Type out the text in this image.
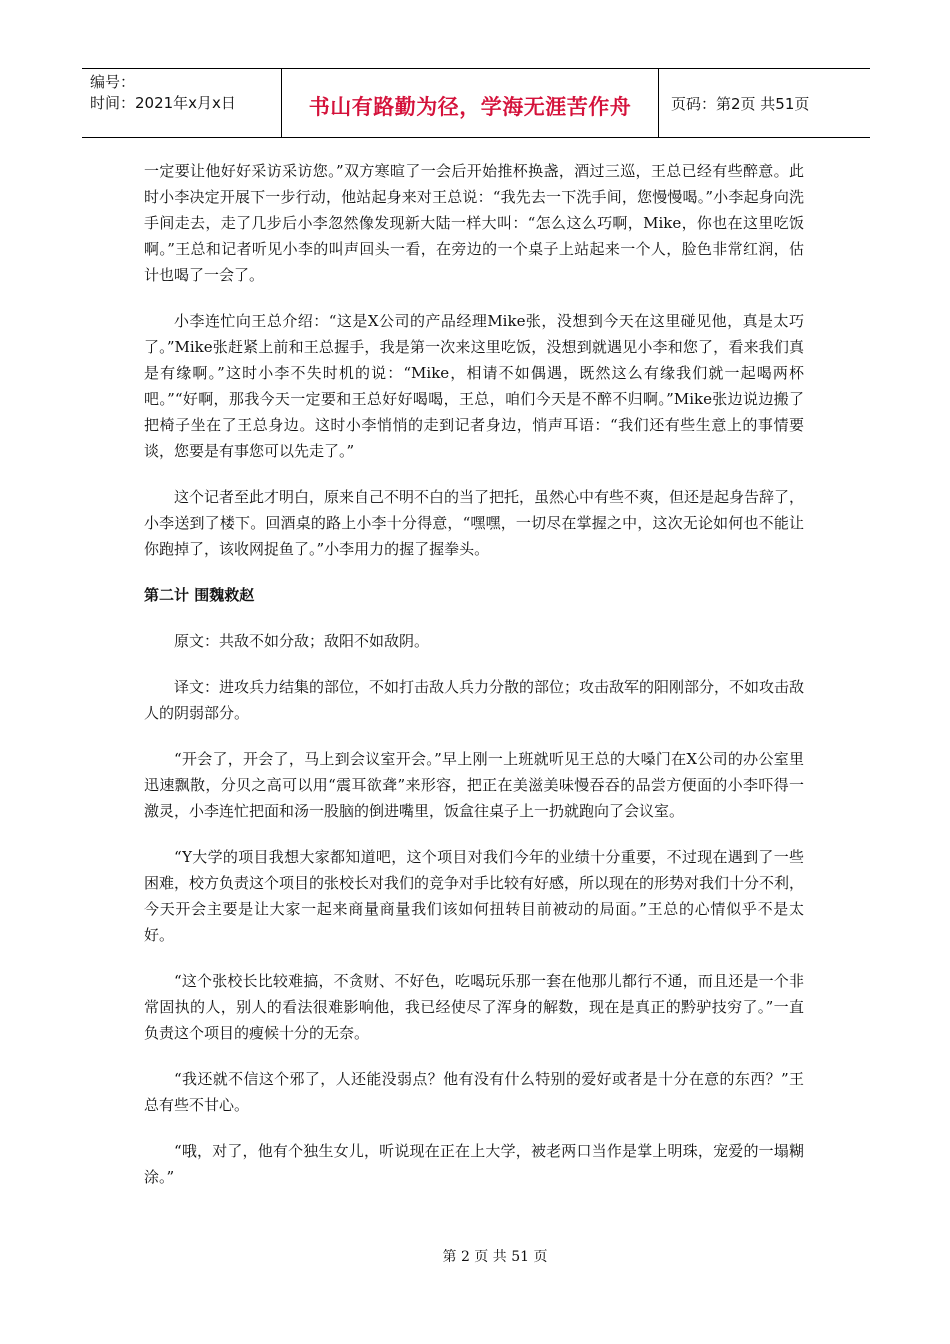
编号：
时间：2021年x月x日	书山有路勤为径，学海无涯苦作舟	页码：第2页 共51页

一定要让他好好采访采访您。”双方寒暄了一会后开始推杯换盏，酒过三巡，王总已经有些醉意。此时小李决定开展下一步行动，他站起身来对王总说：“我先去一下洗手间，您慢慢喝。”小李起身向洗手间走去，走了几步后小李忽然像发现新大陆一样大叫：“怎么这么巧啊，Mike，你也在这里吃饭啊。”王总和记者听见小李的叫声回头一看，在旁边的一个桌子上站起来一个人，脸色非常红润，估计也喝了一会了。

小李连忙向王总介绍：“这是X公司的产品经理Mike张，没想到今天在这里碰见他，真是太巧了。”Mike张赶紧上前和王总握手，我是第一次来这里吃饭，没想到就遇见小李和您了，看来我们真是有缘啊。”这时小李不失时机的说：“Mike，相请不如偶遇，既然这么有缘我们就一起喝两杯吧。”“好啊，那我今天一定要和王总好好喝喝，王总，咱们今天是不醉不归啊。”Mike张边说边搬了把椅子坐在了王总身边。这时小李悄悄的走到记者身边，悄声耳语：“我们还有些生意上的事情要谈，您要是有事您可以先走了。”

这个记者至此才明白，原来自己不明不白的当了把托，虽然心中有些不爽，但还是起身告辞了，小李送到了楼下。回酒桌的路上小李十分得意，“嘿嘿，一切尽在掌握之中，这次无论如何也不能让你跑掉了，该收网捉鱼了。”小李用力的握了握拳头。

第二计 围魏救赵

原文：共敌不如分敌；敌阳不如敌阴。

译文：进攻兵力结集的部位，不如打击敌人兵力分散的部位；攻击敌军的阳刚部分，不如攻击敌人的阴弱部分。

“开会了，开会了，马上到会议室开会。”早上刚一上班就听见王总的大嗓门在X公司的办公室里迅速飘散，分贝之高可以用“震耳欲聋”来形容，把正在美滋美味慢吞吞的品尝方便面的小李吓得一激灵，小李连忙把面和汤一股脑的倒进嘴里，饭盒往桌子上一扔就跑向了会议室。

“Y大学的项目我想大家都知道吧，这个项目对我们今年的业绩十分重要，不过现在遇到了一些困难，校方负责这个项目的张校长对我们的竞争对手比较有好感，所以现在的形势对我们十分不利，今天开会主要是让大家一起来商量商量我们该如何扭转目前被动的局面。”王总的心情似乎不是太好。

“这个张校长比较难搞，不贪财、不好色，吃喝玩乐那一套在他那儿都行不通，而且还是一个非常固执的人，别人的看法很难影响他，我已经使尽了浑身的解数，现在是真正的黔驴技穷了。”一直负责这个项目的瘦候十分的无奈。

“我还就不信这个邪了，人还能没弱点？他有没有什么特别的爱好或者是十分在意的东西？”王总有些不甘心。

“哦，对了，他有个独生女儿，听说现在正在上大学，被老两口当作是掌上明珠，宠爱的一塌糊涂。”

第 2 页 共 51 页
